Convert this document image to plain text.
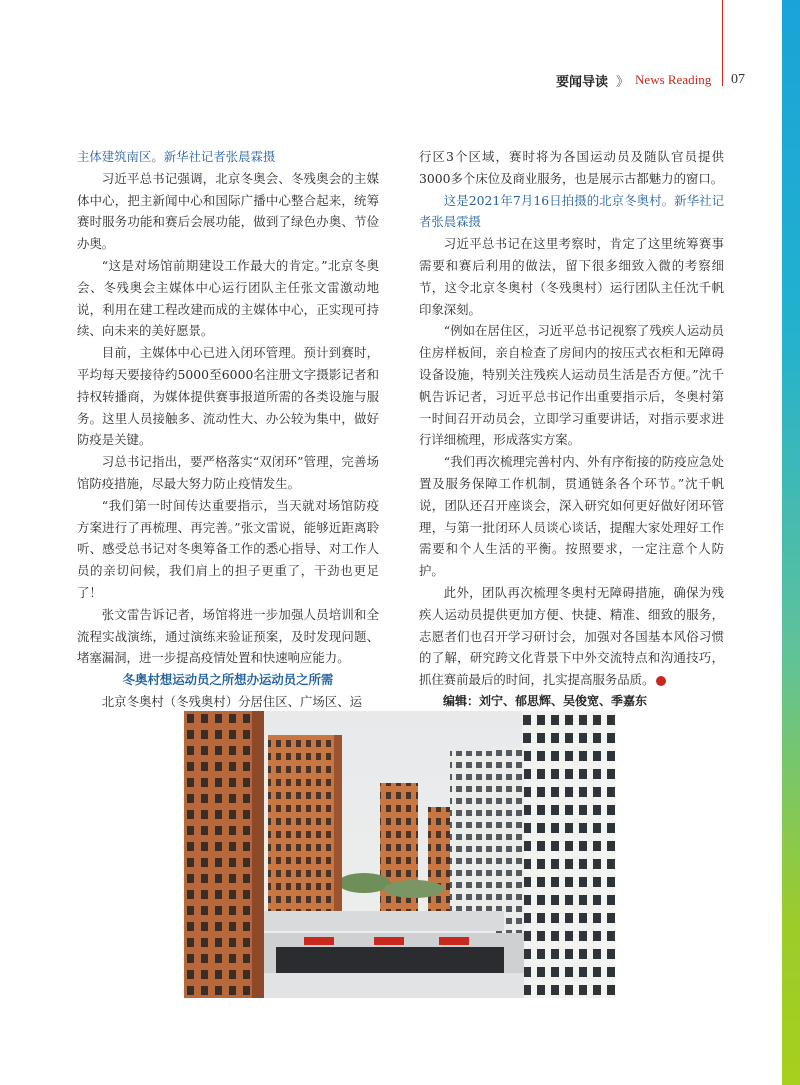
要闻导读 》 News Reading 07

主体建筑南区。新华社记者张晨霖摄

习近平总书记强调，北京冬奥会、冬残奥会的主媒体中心，把主新闻中心和国际广播中心整合起来，统筹赛时服务功能和赛后会展功能，做到了绿色办奥、节俭办奥。

“这是对场馆前期建设工作最大的肯定。”北京冬奥会、冬残奥会主媒体中心运行团队主任张文雷激动地说，利用在建工程改建而成的主媒体中心，正实现可持续、向未来的美好愿景。

目前，主媒体中心已进入闭环管理。预计到赛时，平均每天要接待约5000至6000名注册文字摄影记者和持权转播商，为媒体提供赛事报道所需的各类设施与服务。这里人员接触多、流动性大、办公较为集中，做好防疫是关键。

习总书记指出，要严格落实“双闭环”管理，完善场馆防疫措施，尽最大努力防止疫情发生。

“我们第一时间传达重要指示，当天就对场馆防疫方案进行了再梳理、再完善。”张文雷说，能够近距离聆听、感受总书记对冬奥筹备工作的悉心指导、对工作人员的亲切问候，我们肩上的担子更重了，干劲也更足了！

张文雷告诉记者，场馆将进一步加强人员培训和全流程实战演练，通过演练来验证预案，及时发现问题、堵塞漏洞，进一步提高疫情处置和快速响应能力。

冬奥村想运动员之所想办运动员之所需

北京冬奥村（冬残奥村）分居住区、广场区、运

行区3个区域，赛时将为各国运动员及随队官员提供3000多个床位及商业服务，也是展示古都魅力的窗口。

这是2021年7月16日拍摄的北京冬奥村。新华社记者张晨霖摄

习近平总书记在这里考察时，肯定了这里统筹赛事需要和赛后利用的做法，留下很多细致入微的考察细节，这令北京冬奥村（冬残奥村）运行团队主任沈千帆印象深刻。

“例如在居住区，习近平总书记视察了残疾人运动员住房样板间，亲自检查了房间内的按压式衣柜和无障碍设备设施，特别关注残疾人运动员生活是否方便。”沈千帆告诉记者，习近平总书记作出重要指示后，冬奥村第一时间召开动员会，立即学习重要讲话，对指示要求进行详细梳理，形成落实方案。

“我们再次梳理完善村内、外有序衔接的防疫应急处置及服务保障工作机制，贯通链条各个环节。”沈千帆说，团队还召开座谈会，深入研究如何更好做好闭环管理，与第一批闭环人员谈心谈话，提醒大家处理好工作需要和个人生活的平衡。按照要求，一定注意个人防护。

此外，团队再次梳理冬奥村无障碍措施，确保为残疾人运动员提供更加方便、快捷、精准、细致的服务，志愿者们也召开学习研讨会，加强对各国基本风俗习惯的了解，研究跨文化背景下中外交流特点和沟通技巧，抓住赛前最后的时间，扎实提高服务品质。	C

编辑：刘宁、郁思辉、吴俊宽、季嘉东
